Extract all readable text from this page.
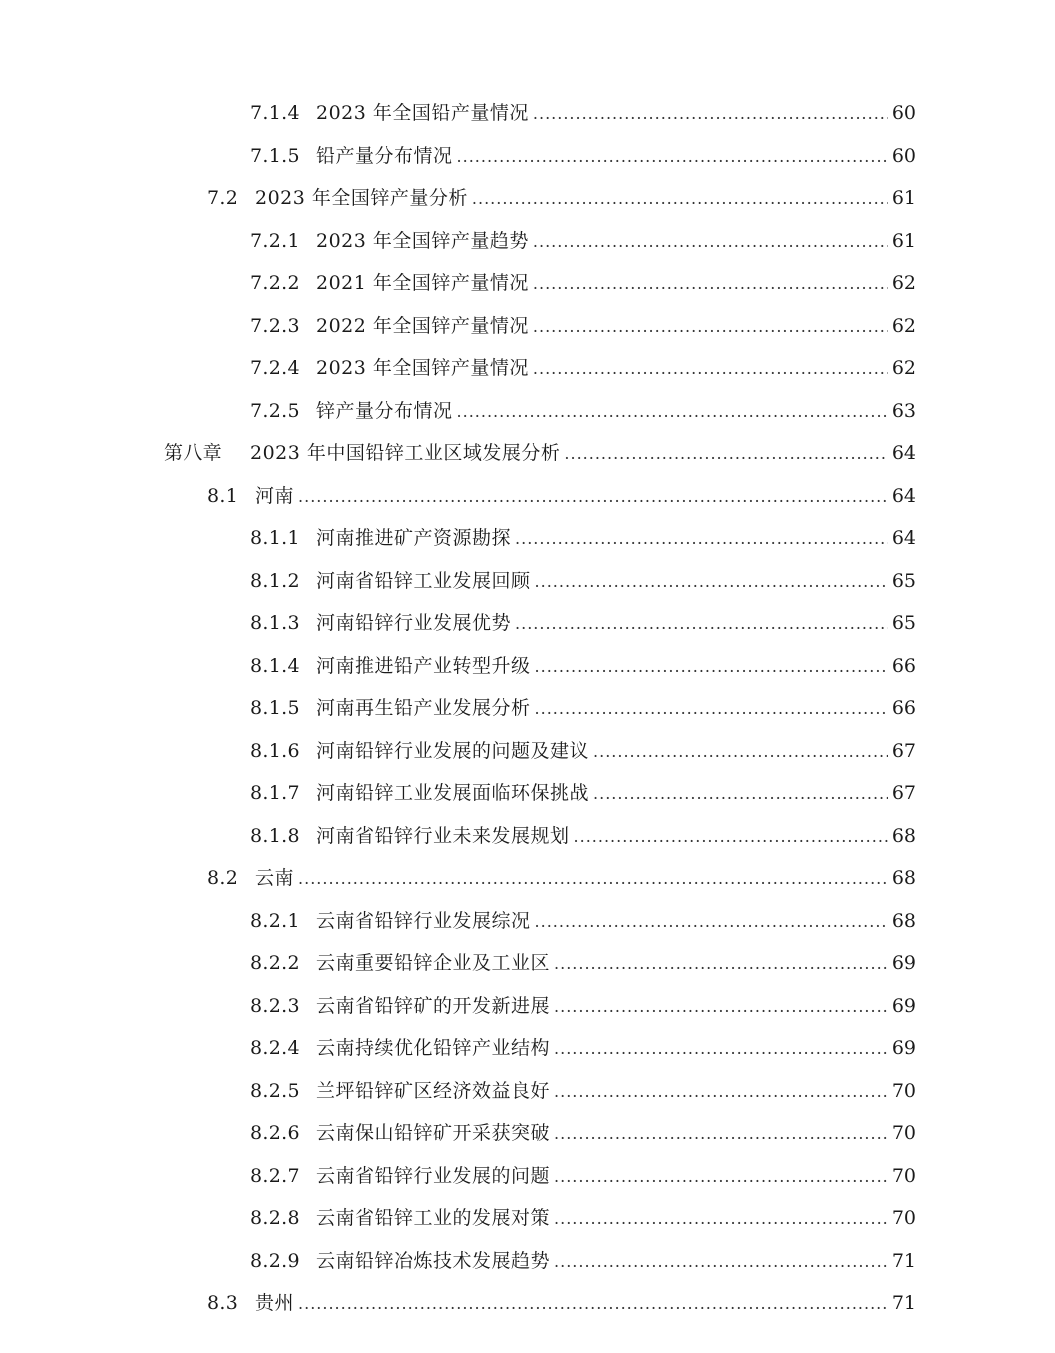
7.1.4 2023 年全国铅产量情况 .....	60
7.1.5 铅产量分布情况 .....	60
7.2 2023 年全国锌产量分析 .....	61
7.2.1 2023 年全国锌产量趋势 .....	61
7.2.2 2021 年全国锌产量情况 .....	62
7.2.3 2022 年全国锌产量情况 .....	62
7.2.4 2023 年全国锌产量情况 .....	62
7.2.5 锌产量分布情况 .....	63
第八章	2023 年中国铅锌工业区域发展分析 .....	64
8.1 河南 .....	64
8.1.1 河南推进矿产资源勘探 .....	64
8.1.2 河南省铅锌工业发展回顾 .....	65
8.1.3 河南铅锌行业发展优势 .....	65
8.1.4 河南推进铅产业转型升级 .....	66
8.1.5 河南再生铅产业发展分析 .....	66
8.1.6 河南铅锌行业发展的问题及建议 .....	67
8.1.7 河南铅锌工业发展面临环保挑战 .....	67
8.1.8 河南省铅锌行业未来发展规划 .....	68
8.2 云南 .....	68
8.2.1 云南省铅锌行业发展综况 .....	68
8.2.2 云南重要铅锌企业及工业区 .....	69
8.2.3 云南省铅锌矿的开发新进展 .....	69
8.2.4 云南持续优化铅锌产业结构 .....	69
8.2.5 兰坪铅锌矿区经济效益良好 .....	70
8.2.6 云南保山铅锌矿开采获突破 .....	70
8.2.7 云南省铅锌行业发展的问题 .....	70
8.2.8 云南省铅锌工业的发展对策 .....	70
8.2.9 云南铅锌冶炼技术发展趋势 .....	71
8.3 贵州 .....	71
